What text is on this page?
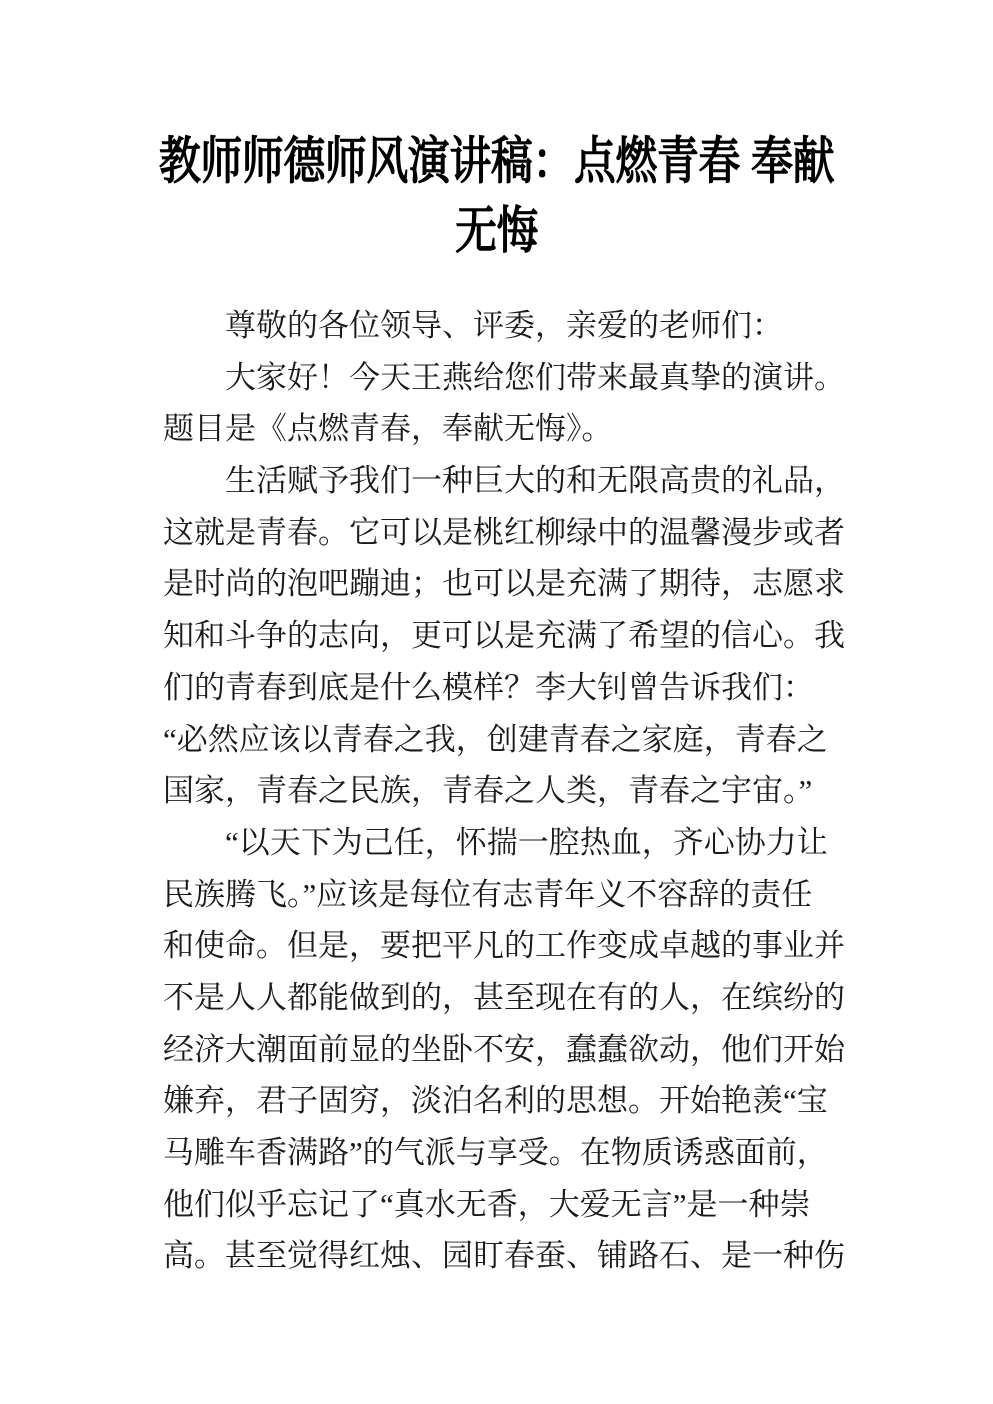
教师师德师风演讲稿：点燃青春 奉献
无悔
尊敬的各位领导、评委，亲爱的老师们：
大家好！今天王燕给您们带来最真挚的演讲。
题目是《点燃青春，奉献无悔》。
生活赋予我们一种巨大的和无限高贵的礼品，
这就是青春。它可以是桃红柳绿中的温馨漫步或者
是时尚的泡吧蹦迪；也可以是充满了期待，志愿求
知和斗争的志向，更可以是充满了希望的信心。我
们的青春到底是什么模样？李大钊曾告诉我们：
“必然应该以青春之我，创建青春之家庭，青春之
国家，青春之民族，青春之人类，青春之宇宙。”
“以天下为己任，怀揣一腔热血，齐心协力让
民族腾飞。”应该是每位有志青年义不容辞的责任
和使命。但是，要把平凡的工作变成卓越的事业并
不是人人都能做到的，甚至现在有的人，在缤纷的
经济大潮面前显的坐卧不安，蠢蠢欲动，他们开始
嫌弃，君子固穷，淡泊名利的思想。开始艳羡“宝
马雕车香满路”的气派与享受。在物质诱惑面前，
他们似乎忘记了“真水无香，大爱无言”是一种崇
高。甚至觉得红烛、园盯春蚕、铺路石、是一种伤
